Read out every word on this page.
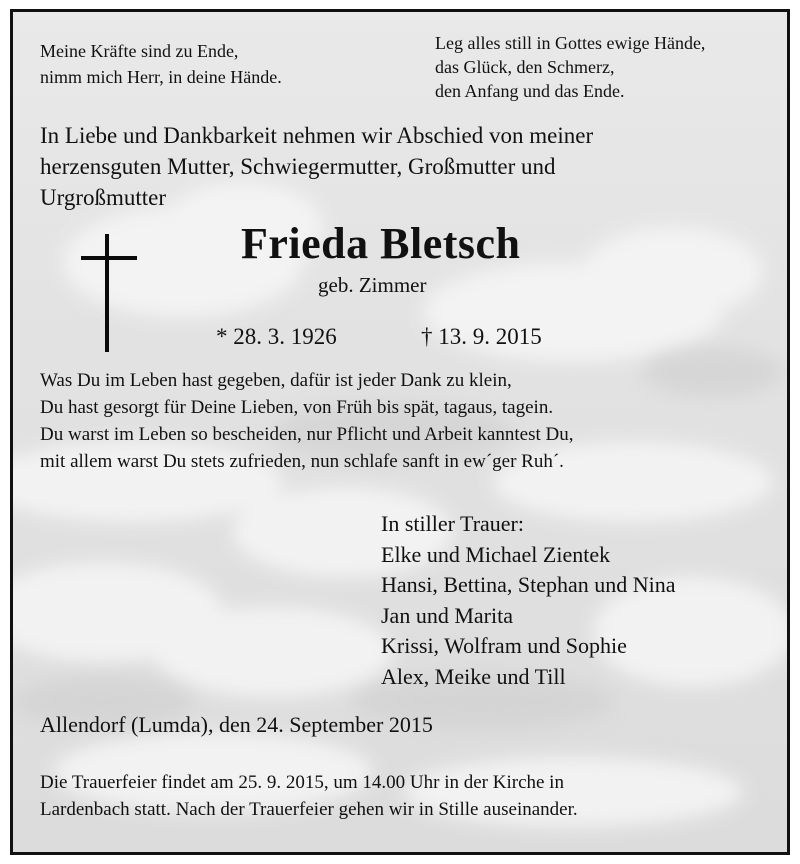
Meine Kräfte sind zu Ende,
nimm mich Herr, in deine Hände.

Leg alles still in Gottes ewige Hände,
das Glück, den Schmerz,
den Anfang und das Ende.

In Liebe und Dankbarkeit nehmen wir Abschied von meiner
herzensguten Mutter, Schwiegermutter, Großmutter und
Urgroßmutter

Frieda Bletsch

geb. Zimmer

* 28. 3. 1926	† 13. 9. 2015

Was Du im Leben hast gegeben, dafür ist jeder Dank zu klein,
Du hast gesorgt für Deine Lieben, von Früh bis spät, tagaus, tagein.
Du warst im Leben so bescheiden, nur Pflicht und Arbeit kanntest Du,
mit allem warst Du stets zufrieden, nun schlafe sanft in ew´ger Ruh´.

In stiller Trauer:
Elke und Michael Zientek
Hansi, Bettina, Stephan und Nina
Jan und Marita
Krissi, Wolfram und Sophie
Alex, Meike und Till

Allendorf (Lumda), den 24. September 2015

Die Trauerfeier findet am 25. 9. 2015, um 14.00 Uhr in der Kirche in
Lardenbach statt. Nach der Trauerfeier gehen wir in Stille auseinander.
